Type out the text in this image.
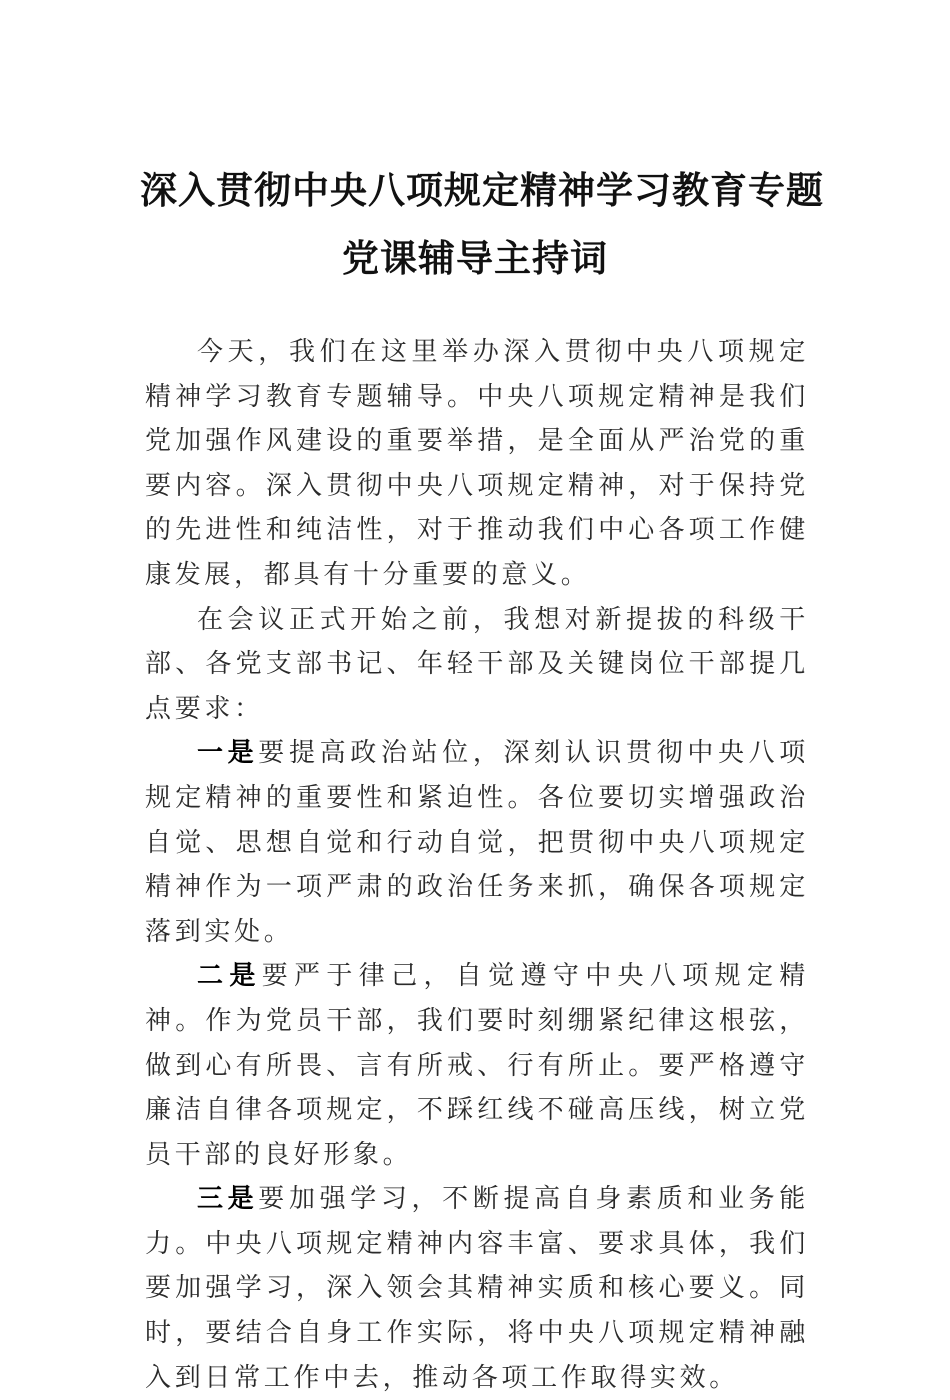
深入贯彻中央八项规定精神学习教育专题
党课辅导主持词

今天，我们在这里举办深入贯彻中央八项规定精神学习教育专题辅导。中央八项规定精神是我们党加强作风建设的重要举措，是全面从严治党的重要内容。深入贯彻中央八项规定精神，对于保持党的先进性和纯洁性，对于推动我们中心各项工作健康发展，都具有十分重要的意义。

在会议正式开始之前，我想对新提拔的科级干部、各党支部书记、年轻干部及关键岗位干部提几点要求：

一是要提高政治站位，深刻认识贯彻中央八项规定精神的重要性和紧迫性。各位要切实增强政治自觉、思想自觉和行动自觉，把贯彻中央八项规定精神作为一项严肃的政治任务来抓，确保各项规定落到实处。

二是要严于律己，自觉遵守中央八项规定精神。作为党员干部，我们要时刻绷紧纪律这根弦，做到心有所畏、言有所戒、行有所止。要严格遵守廉洁自律各项规定，不踩红线不碰高压线，树立党员干部的良好形象。

三是要加强学习，不断提高自身素质和业务能力。中央八项规定精神内容丰富、要求具体，我们要加强学习，深入领会其精神实质和核心要义。同时，要结合自身工作实际，将中央八项规定精神融入到日常工作中去，推动各项工作取得实效。
